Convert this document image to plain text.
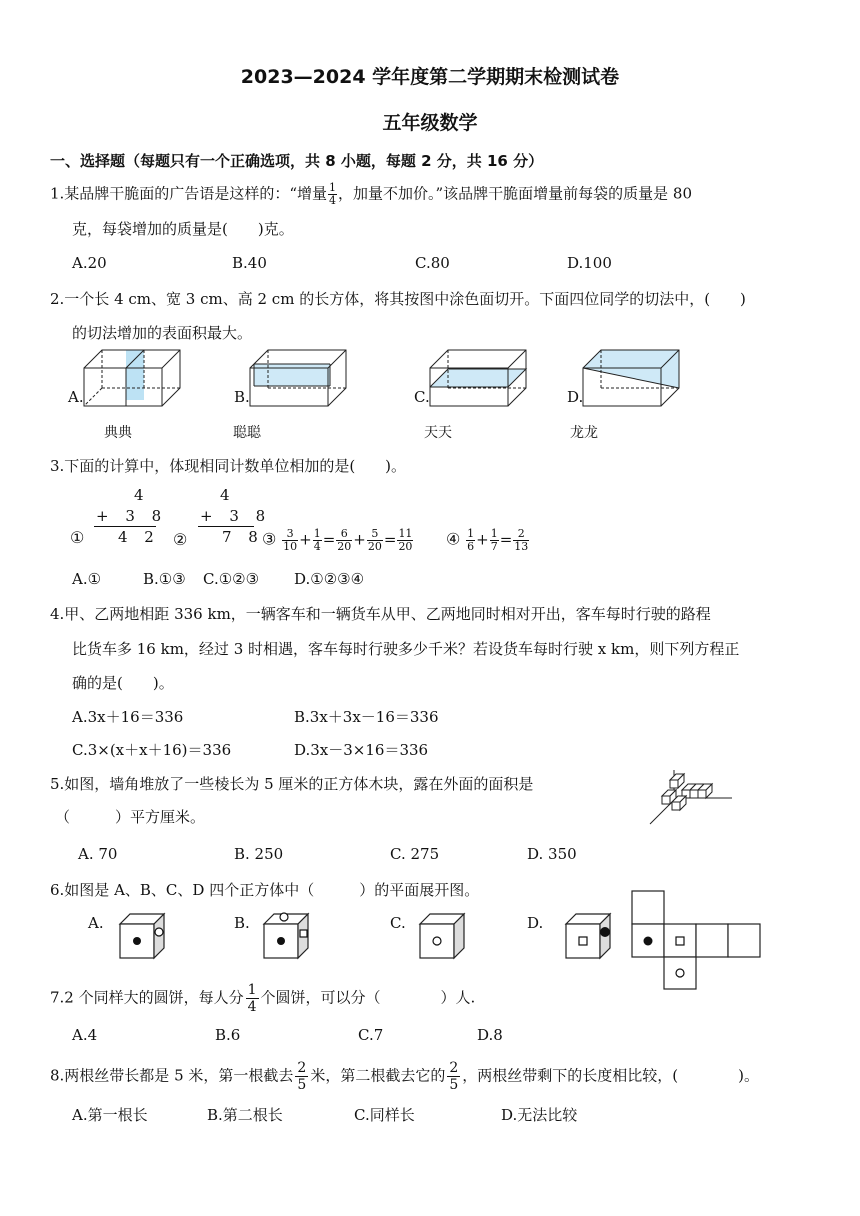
2023—2024 学年度第二学期期末检测试卷
五年级数学
一、选择题（每题只有一个正确选项，共 8 小题，每题 2 分，共 16 分）
1.某品牌干脆面的广告语是这样的：“增量 $\frac{1}{4}$ ，加量不加价。”该品牌干脆面增量前每袋的质量是 80
克，每袋增加的质量是(　　)克。
A.20	B.40	C.80	D.100
2.一个长 4 cm、宽 3 cm、高 2 cm 的长方体，将其按图中涂色面切开。下面四位同学的切法中，(　　)
的切法增加的表面积最大。
A.	B.	C.	D.
典典	聪聪	天天	龙龙
3.下面的计算中，体现相同计数单位相加的是(　　)。
①
4
+ 3 8
4 2 ②
4
+ 3 8
7 8
③ $\frac{3}{10} + \frac{1}{4} = \frac{6}{20} + \frac{5}{20} = \frac{11}{20}$ ④ $\frac{1}{6} + \frac{1}{7} = \frac{2}{13}$
A.①	B.①③ C.①②③ D.①②③④
4.甲、乙两地相距 336 km，一辆客车和一辆货车从甲、乙两地同时相对开出，客车每时行驶的路程
比货车多 16 km，经过 3 时相遇，客车每时行驶多少千米？若设货车每时行驶 x km，则下列方程正
确的是(　　)。
A.3x＋16＝336	B.3x＋3x－16＝336
C.3×(x＋x＋16)＝336	D.3x－3×16＝336
5.如图，墙角堆放了一些棱长为 5 厘米的正方体木块，露在外面的面积是
（　　　）平方厘米。
A. 70	B. 250	C. 275	D. 350
6.如图是 A、B、C、D 四个正方体中（　　　）的平面展开图。
A.	B.	C.	D.
7.2 个同样大的圆饼，每人分 $\frac{1}{4}$ 个圆饼，可以分（　　　　）人.
A.4	B.6	C.7	D.8
8.两根丝带长都是 5 米，第一根截去 $\frac{2}{5}$ 米，第二根截去它的 $\frac{2}{5}$ ，两根丝带剩下的长度相比较，(　　　　)。
A.第一根长	B.第二根长	C.同样长	D.无法比较
